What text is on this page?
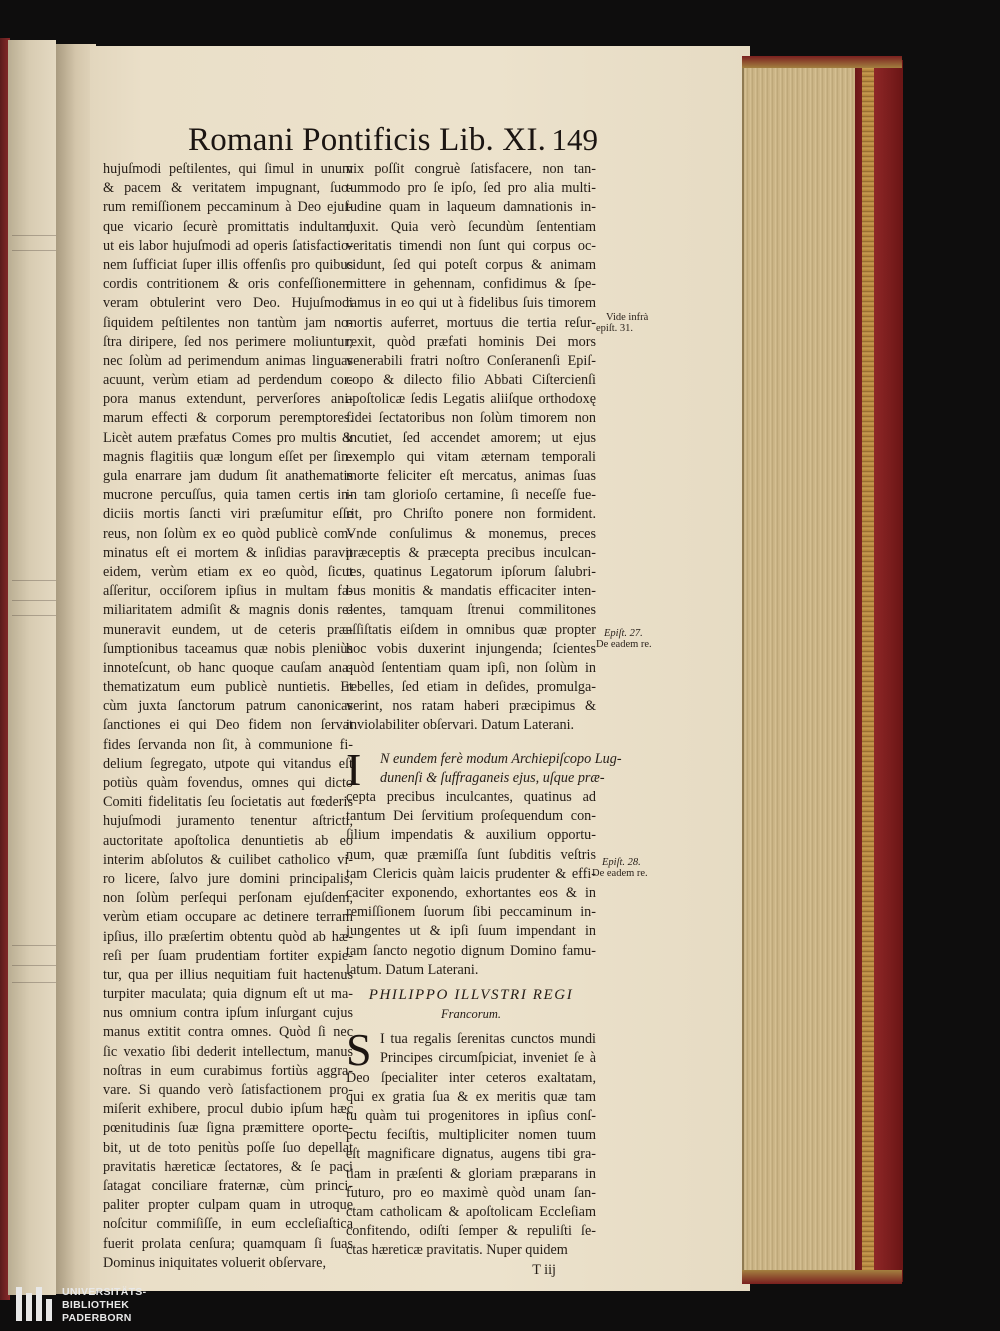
Romani Pontificis Lib. XI. 149
hujuſmodi peſtilentes, qui ſimul in unum
& pacem & veritatem impugnant, ſuo-
rum remiſſionem peccaminum à Deo ejuſ-
que vicario ſecurè promittatis indultam,
ut eis labor hujuſmodi ad operis ſatisfactio-
nem ſufficiat ſuper illis offenſis pro quibus
cordis contritionem & oris confeſſionem
veram obtulerint vero Deo. Hujuſmodi
ſiquidem peſtilentes non tantùm jam no-
ſtra diripere, ſed nos perimere moliuntur;
nec ſolùm ad perimendum animas linguas
acuunt, verùm etiam ad perdendum cor-
pora manus extendunt, perverſores ani-
marum effecti & corporum peremptores.
Licèt autem præfatus Comes pro multis &
magnis flagitiis quæ longum eſſet per ſin-
gula enarrare jam dudum ſit anathematis
mucrone percuſſus, quia tamen certis in-
diciis mortis ſancti viri præſumitur eſſe
reus, non ſolùm ex eo quòd publicè com-
minatus eſt ei mortem & inſidias paravit
eidem, verùm etiam ex eo quòd, ſicut
aſſeritur, occiſorem ipſius in multam fa-
miliaritatem admiſit & magnis donis re-
muneravit eundem, ut de ceteris præ-
ſumptionibus taceamus quæ nobis pleniùs
innoteſcunt, ob hanc quoque cauſam ana-
thematizatum eum publicè nuntietis. Et
cùm juxta ſanctorum patrum canonicas
ſanctiones ei qui Deo fidem non ſervat
fides ſervanda non ſit, à communione fi-
delium ſegregato, utpote qui vitandus eſt
potiùs quàm fovendus, omnes qui dicto
Comiti fidelitatis ſeu ſocietatis aut fœderis
hujuſmodi juramento tenentur aſtricti,
auctoritate apoſtolica denuntietis ab eo
interim abſolutos & cuilibet catholico vi-
ro licere, ſalvo jure domini principalis,
non ſolùm perſequi perſonam ejuſdem,
verùm etiam occupare ac detinere terram
ipſius, illo præſertim obtentu quòd ab hæ-
reſi per ſuam prudentiam fortiter expie-
tur, qua per illius nequitiam fuit hactenus
turpiter maculata; quia dignum eſt ut ma-
nus omnium contra ipſum inſurgant cujus
manus extitit contra omnes. Quòd ſi nec
ſic vexatio ſibi dederit intellectum, manus
noſtras in eum curabimus fortiùs aggra-
vare. Si quando verò ſatisfactionem pro-
miſerit exhibere, procul dubio ipſum hæc
pœnitudinis ſuæ ſigna præmittere oporte-
bit, ut de toto penitùs poſſe ſuo depellat
pravitatis hæreticæ ſectatores, & ſe paci
ſatagat conciliare fraternæ, cùm princi-
paliter propter culpam quam in utroque
noſcitur commiſiſſe, in eum eccleſiaſtica
fuerit prolata cenſura; quamquam ſi ſuas
Dominus iniquitates voluerit obſervare,
vix poſſit congruè ſatisfacere, non tan-
tummodo pro ſe ipſo, ſed pro alia multi-
tudine quam in laqueum damnationis in-
duxit. Quia verò ſecundùm ſententiam
veritatis timendi non ſunt qui corpus oc-
cidunt, ſed qui poteſt corpus & animam
mittere in gehennam, confidimus & ſpe-
ramus in eo qui ut à fidelibus ſuis timorem
mortis auferret, mortuus die tertia reſur-
rexit, quòd præfati hominis Dei mors
venerabili fratri noſtro Conſeranenſi Epiſ-
copo & dilecto filio Abbati Ciſtercienſi
apoſtolicæ ſedis Legatis aliiſque orthodoxę
fidei ſectatoribus non ſolùm timorem non
incutiet, ſed accendet amorem; ut ejus
exemplo qui vitam æternam temporali
morte feliciter eſt mercatus, animas ſuas
in tam glorioſo certamine, ſi neceſſe fue-
rit, pro Chriſto ponere non formident.
Vnde conſulimus & monemus, preces
præceptis & præcepta precibus inculcan-
tes, quatinus Legatorum ipſorum ſalubri-
bus monitis & mandatis efficaciter inten-
dentes, tamquam ſtrenui commilitones
aſſiſtatis eiſdem in omnibus quæ propter
hoc vobis duxerint injungenda; ſcientes
quòd ſententiam quam ipſi, non ſolùm in
rebelles, ſed etiam in deſides, promulga-
verint, nos ratam haberi præcipimus &
inviolabiliter obſervari. Datum Laterani.
I	N eundem ferè modum Archiepiſcopo Lug-
dunenſi & ſuffraganeis ejus, uſque præ-
cepta precibus inculcantes, quatinus ad
tantum Dei ſervitium proſequendum con-
ſilium impendatis & auxilium opportu-
num, quæ præmiſſa ſunt ſubditis veſtris
tam Clericis quàm laicis prudenter & effi-
caciter exponendo, exhortantes eos & in
remiſſionem ſuorum ſibi peccaminum in-
jungentes ut & ipſi ſuum impendant in
tam ſancto negotio dignum Domino famu-
latum. Datum Laterani.
PHILIPPO ILLVSTRI REGI
Francorum.
S I tua regalis ſerenitas cunctos mundi
Principes circumſpiciat, inveniet ſe à
Deo ſpecialiter inter ceteros exaltatam,
qui ex gratia ſua & ex meritis quæ tam
tu quàm tui progenitores in ipſius conſ-
pectu feciſtis, multipliciter nomen tuum
eſt magnificare dignatus, augens tibi gra-
tiam in præſenti & gloriam præparans in
futuro, pro eo maximè quòd unam ſan-
ctam catholicam & apoſtolicam Eccleſiam
confitendo, odiſti ſemper & repuliſti ſe-
ctas hæreticæ pravitatis. Nuper quidem
T iij
Vide infrà
epiſt. 31.
Epiſt. 27.
De eadem re.
Epiſt. 28.
De eadem re.
UNIVERSITÄTS-
BIBLIOTHEK
PADERBORN
